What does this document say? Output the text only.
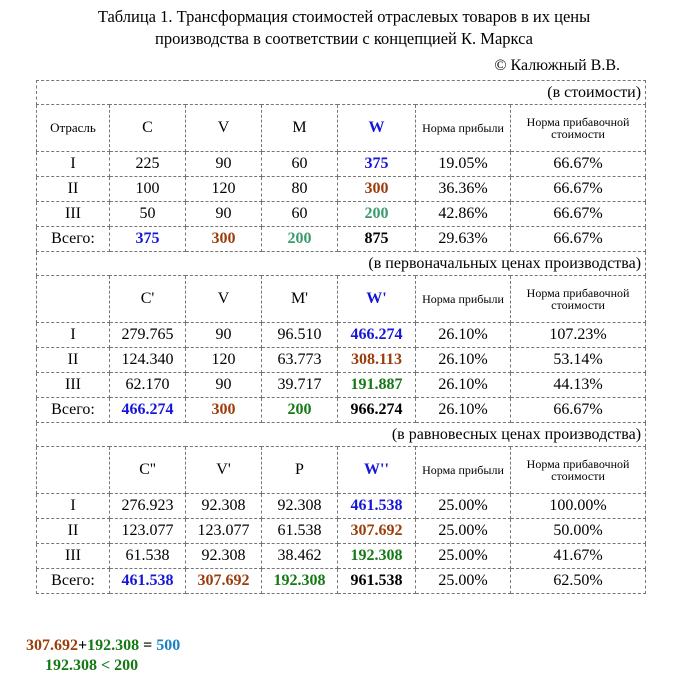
Таблица 1. Трансформация стоимостей отраслевых товаров в их цены
производства в соответствии с концепцией К. Маркса
© Калюжный В.В.
(в стоимости)						
Отрасль	C	V	M	W	Норма прибыли	Норма прибавочной стоимости
I	225	90	60	375	19.05%	66.67%
II	100	120	80	300	36.36%	66.67%
III	50	90	60	200	42.86%	66.67%
Всего:	375	300	200	875	29.63%	66.67%
(в первоначальных ценах производства)						
	C'	V	M'	W'	Норма прибыли	Норма прибавочной стоимости
I	279.765	90	96.510	466.274	26.10%	107.23%
II	124.340	120	63.773	308.113	26.10%	53.14%
III	62.170	90	39.717	191.887	26.10%	44.13%
Всего:	466.274	300	200	966.274	26.10%	66.67%
(в равновесных ценах производства)						
	C''	V'	P	W''	Норма прибыли	Норма прибавочной стоимости
I	276.923	92.308	92.308	461.538	25.00%	100.00%
II	123.077	123.077	61.538	307.692	25.00%	50.00%
III	61.538	92.308	38.462	192.308	25.00%	41.67%
Всего:	461.538	307.692	192.308	961.538	25.00%	62.50%
307.692+192.308 = 500
192.308 < 200
